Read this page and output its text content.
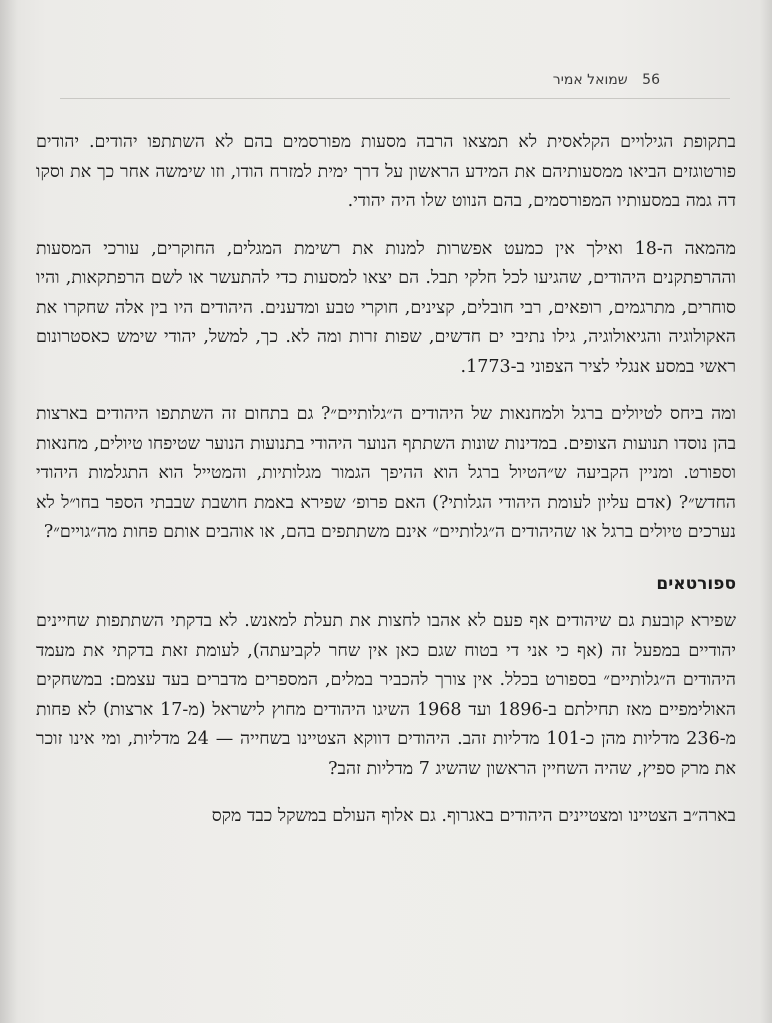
56 שמואל אמיר

בתקופת הגילויים הקלאסית לא תמצאו הרבה מסעות מפורסמים בהם לא השתתפו יהודים. יהודים פורטוגזים הביאו ממסעותיהם את המידע הראשון על דרך ימית למזרח הודו, וזו שימשה אחר כך את וסקו דה גמה במסעותיו המפורסמים, בהם הנווט שלו היה יהודי.

מהמאה ה-18 ואילך אין כמעט אפשרות למנות את רשימת המגלים, החוקרים, עורכי המסעות וההרפתקנים היהודים, שהגיעו לכל חלקי תבל. הם יצאו למסעות כדי להתעשר או לשם הרפתקאות, והיו סוחרים, מתרגמים, רופאים, רבי חובלים, קצינים, חוקרי טבע ומדענים. היהודים היו בין אלה שחקרו את האקולוגיה והגיאולוגיה, גילו נתיבי ים חדשים, שפות זרות ומה לא. כך, למשל, יהודי שימש כאסטרונום ראשי במסע אנגלי לציר הצפוני ב-1773.

ומה ביחס לטיולים ברגל ולמחנאות של היהודים ה״גלותיים״? גם בתחום זה השתתפו היהודים בארצות בהן נוסדו תנועות הצופים. במדינות שונות השתתף הנוער היהודי בתנועות הנוער שטיפחו טיולים, מחנאות וספורט. ומניין הקביעה ש״הטיול ברגל הוא ההיפך הגמור מגלותיות, והמטייל הוא התגלמות היהודי החדש״? (אדם עליון לעומת היהודי הגלותי?) האם פרופ׳ שפירא באמת חושבת שבבתי הספר בחו״ל לא נערכים טיולים ברגל או שהיהודים ה״גלותיים״ אינם משתתפים בהם, או אוהבים אותם פחות מה״גויים״?

ספורטאים

שפירא קובעת גם שיהודים אף פעם לא אהבו לחצות את תעלת למאנש. לא בדקתי השתתפות שחיינים יהודיים במפעל זה (אף כי אני די בטוח שגם כאן אין שחר לקביעתה), לעומת זאת בדקתי את מעמד היהודים ה״גלותיים״ בספורט בכלל. אין צורך להכביר במלים, המספרים מדברים בעד עצמם: במשחקים האולימפיים מאז תחילתם ב-1896 ועד 1968 השיגו היהודים מחוץ לישראל (מ-17 ארצות) לא פחות מ-236 מדליות מהן כ-101 מדליות זהב. היהודים דווקא הצטיינו בשחייה — 24 מדליות, ומי אינו זוכר את מרק ספיץ, שהיה השחיין הראשון שהשיג 7 מדליות זהב?

בארה״ב הצטיינו ומצטיינים היהודים באגרוף. גם אלוף העולם במשקל כבד מקס
